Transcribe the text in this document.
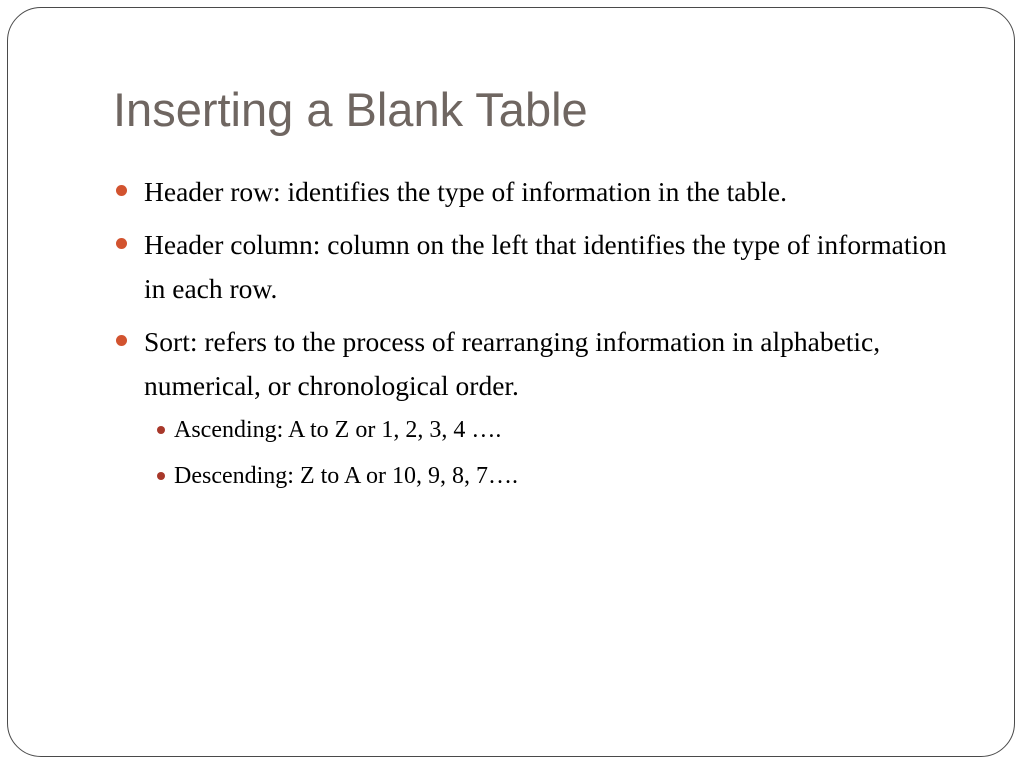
Inserting a Blank Table
Header row: identifies the type of information in the table.
Header column: column on the left that identifies the type of information in each row.
Sort: refers to the process of rearranging information in alphabetic, numerical, or chronological order.
Ascending: A to Z or 1, 2, 3, 4 ….
Descending: Z to A or 10, 9, 8, 7….
